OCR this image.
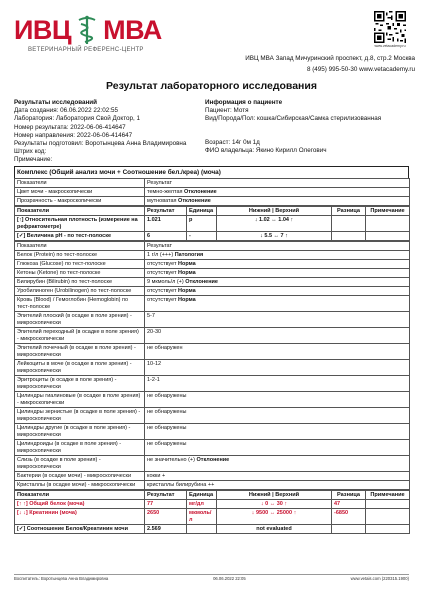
ИВЦ МВА
ВЕТЕРИНАРНЫЙ РЕФЕРЕНС-ЦЕНТР
www.vetacademy.ru
ИВЦ МВА Запад Мичуринский проспект, д.8, стр.2 Москва
8 (495) 995-50-30 www.vetacademy.ru
Результат лабораторного исследования
Результаты исследований
Дата создания: 06.06.2022 22:02:55
Лаборатория: Лаборатория Свой Доктор, 1
Номер результата: 2022-06-06-414647
Номер направления: 2022-06-06-414647
Результаты подготовил: Воротынцева Анна Владимировна
Штрих код:
Примечание:
Информация о пациенте
Пациент: Мотя
Вид/Порода/Пол: кошка/Сибирская/Самка стерилизованная
Возраст: 14г 0м 1д
ФИО владельца: Якино Кирилл Олегович
Комплекс (Общий анализ мочи + Соотношение бел./креа) (моча)
Показатели	Результат
Цвет мочи - макроскопически	темно-желтая Отклонение
Прозрачность - макроскопически	мутноватая Отклонение
Показатели	Результат	Единица	Нижний | Верхний	Разница	Примечание
[↑] Относительная плотность (измерение на рефрактометре)	1.021	р	↓ 1.02 ↔ 1.04 ↑		
[✓] Величина pH - по тест-полоске	6	-	↓ 5.5 ↔ 7 ↑		
Показатели	Результат
Белок (Protein) по тест-полоске	1 г/л (+++) Патология
Глюкоза (Glucose) по тест-полоске	отсутствует Норма
Кетоны (Ketone) по тест-полоске	отсутствует Норма
Билирубин (Bilirubin) по тест-полоске	9 мкмоль/л (+) Отклонение
Уробилиноген (Urobilinogen) по тест-полоске	отсутствует Норма
Кровь (Blood) / Гемоглобин (Hemoglobin) по тест-полоске	отсутствует Норма
Эпителий плоский (в осадке в поле зрения) - микроскопически	5-7
Эпителий переходный (в осадке в поле зрения) - микроскопически	20-30
Эпителий почечный (в осадке в поле зрения) - микроскопически	не обнаружен
Лейкоциты в моче (в осадке в поле зрения) - микроскопически	10-12
Эритроциты (в осадке в поле зрения) - микроскопически	1-2-1
Цилиндры гиалиновые (в осадке в поле зрения) - микроскопически	не обнаружены
Цилиндры зернистые (в осадке в поле зрения) - микроскопически	не обнаружены
Цилиндры другие (в осадке в поле зрения) - микроскопически	не обнаружены
Цилиндроиды (в осадке в поле зрения) - микроскопически	не обнаружены
Слизь (в осадке в поле зрения) - микроскопически	не значительно (+) Отклонение
Бактерии (в осадке мочи) - микроскопически	кокки +
Кристаллы (в осадке мочи) - микроскопически	кристаллы билирубина ++
Показатели	Результат	Единица	Нижний | Верхний	Разница	Примечание
[↑ ↑] Общий белок (моча)	77	мг/дл	↓ 0 ↔ 30 ↑	47	
[↓ ↓] Креатинин (моча)	2650	мкмоль/л	↓ 9500 ↔ 25000 ↑	-6850	
[✓] Соотношение Белок/Креатинин мочи	2.569		not evaluated		
Воспитатель: Воротынцева Анна Владимировна	06.06.2022 22:05	www.vetais.com (220315.1900)
